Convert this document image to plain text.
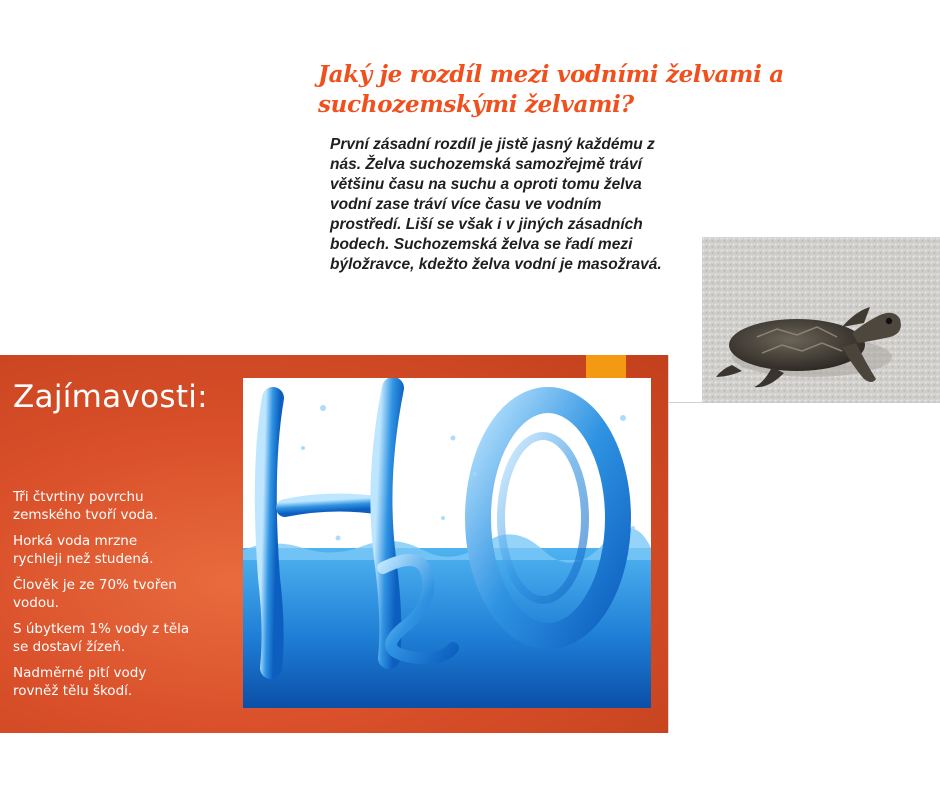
Jaký je rozdíl mezi vodními želvami a
suchozemskými želvami?

První zásadní rozdíl je jistě jasný každému z
nás. Želva suchozemská samozřejmě tráví
většinu času na suchu a oproti tomu želva
vodní zase tráví více času ve vodním
prostředí. Liší se však i v jiných zásadních
bodech. Suchozemská želva se řadí mezi
býložravce, kdežto želva vodní je masožravá.

Zajímavosti:
Tři čtvrtiny povrchu
zemského tvoří voda.
Horká voda mrzne
rychleji než studená.
Člověk je ze 70% tvořen
vodou.
S úbytkem 1% vody z těla
se dostaví žízeň.
Nadměrné pití vody
rovněž tělu škodí.
